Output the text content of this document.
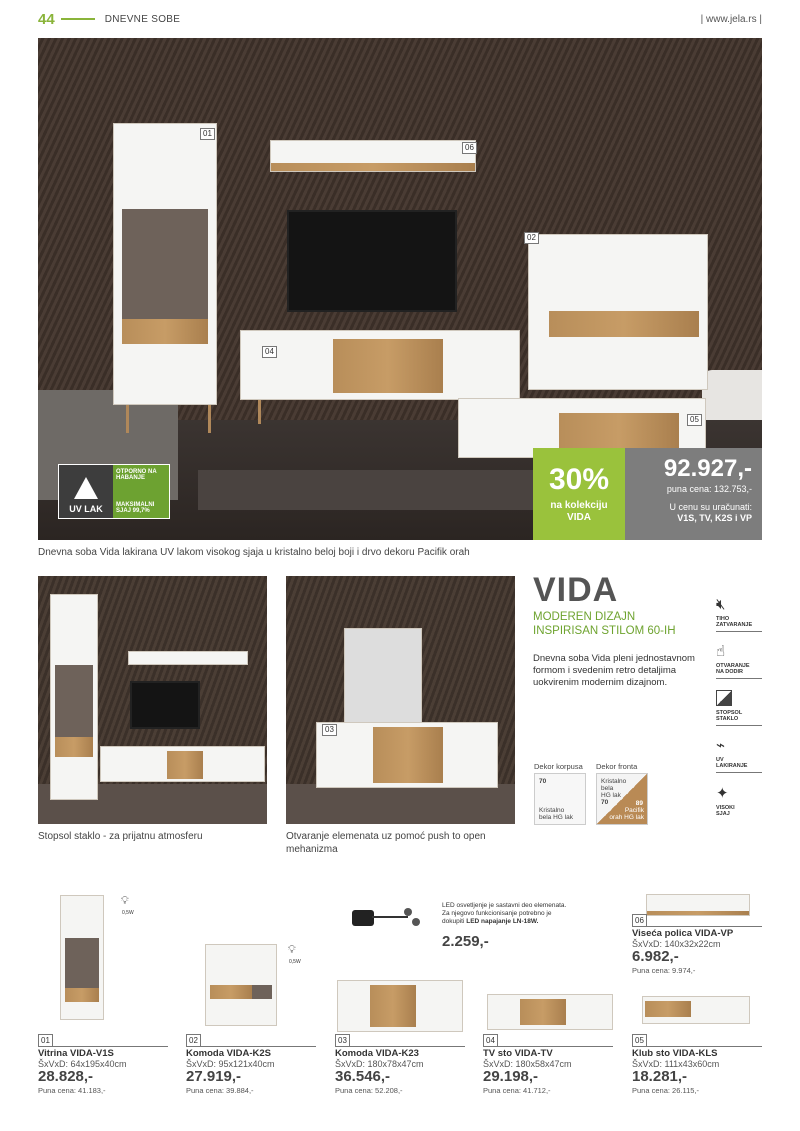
44	DNEVNE SOBE	| www.jela.rs |
01
06
04
02
05
UV LAK
OTPORNO NA HABANJE
MAKSIMALNI SJAJ 99,7%
30%
na kolekciju
VIDA
92.927,-
puna cena: 132.753,-
U cenu su uračunati:
V1S, TV, K2S i VP
Dnevna soba Vida lakirana UV lakom visokog sjaja u kristalno beloj boji i drvo dekoru Pacifik orah
Stopsol staklo - za prijatnu atmosferu
03
Otvaranje elemenata uz pomoć push to open mehanizma
VIDA
MODEREN DIZAJN
INSPIRISAN STILOM 60-IH
Dnevna soba Vida pleni jednostavnom formom i svedenim retro detaljima uokvirenim modernim dizajnom.
Dekor korpusa
70
Kristalno
bela HG lak
Dekor fronta
Kristalno
bela
HG lak
70	89
Pacifik
orah HG lak
🔇︎
TIHO
ZATVARANJE
☝︎
OTVARANJE
NA DODIR
STOPSOL
STAKLO
⌁
UV
LAKIRANJE
✦
VISOKI
SJAJ
LED osvetljenje je sastavni deo elemenata. Za njegovo funkcionisanje potrebno je dokupiti LED napajanje LN-18W.
2.259,-
💡︎
0,5W
💡︎
0,5W
01
Vitrina VIDA-V1S
ŠxVxD: 64x195x40cm
28.828,-
Puna cena: 41.183,-
02
Komoda VIDA-K2S
ŠxVxD: 95x121x40cm
27.919,-
Puna cena: 39.884,-
03
Komoda VIDA-K23
ŠxVxD: 180x78x47cm
36.546,-
Puna cena: 52.208,-
04
TV sto VIDA-TV
ŠxVxD: 180x58x47cm
29.198,-
Puna cena: 41.712,-
05
Klub sto VIDA-KLS
ŠxVxD: 111x43x60cm
18.281,-
Puna cena: 26.115,-
06
Viseća polica VIDA-VP
ŠxVxD: 140x32x22cm
6.982,-
Puna cena: 9.974,-
